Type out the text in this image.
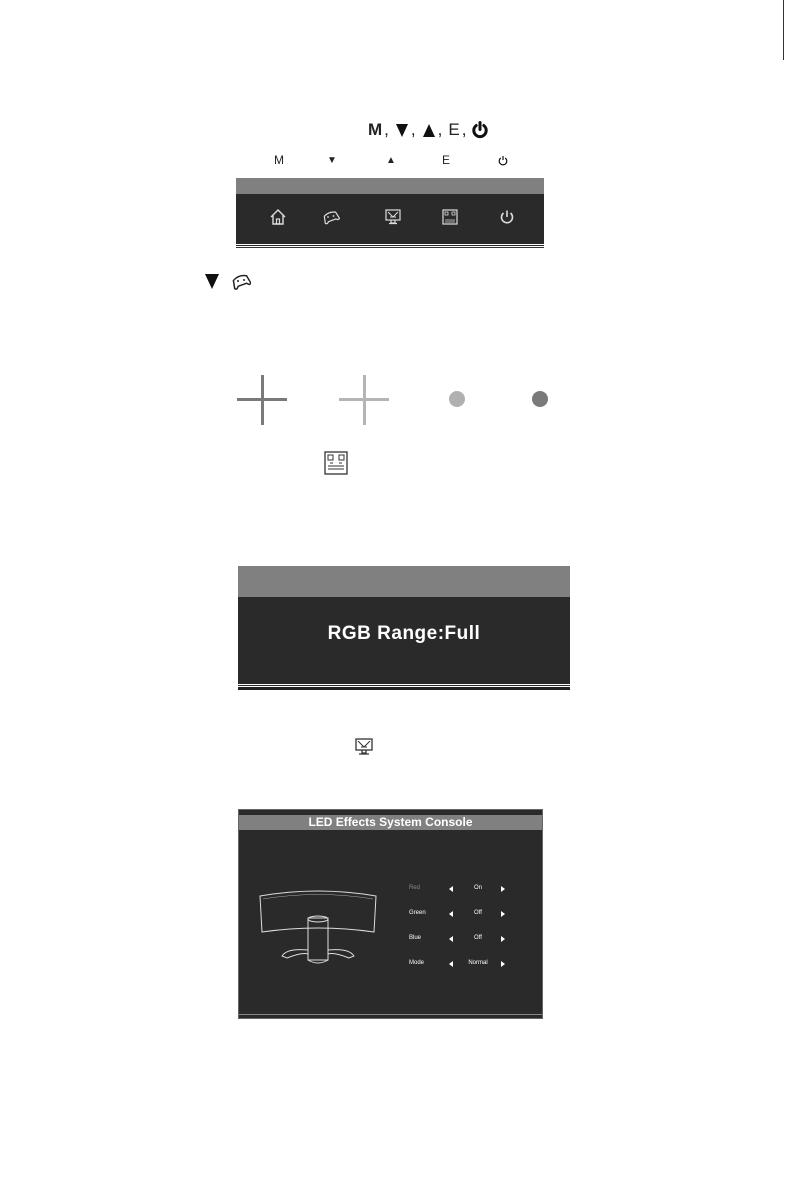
M , , , E ,
M	▼	▲	E
RGB Range:Full
LED Effects System Console
Red	On
Green	Off
Blue	Off
Mode	Normal
